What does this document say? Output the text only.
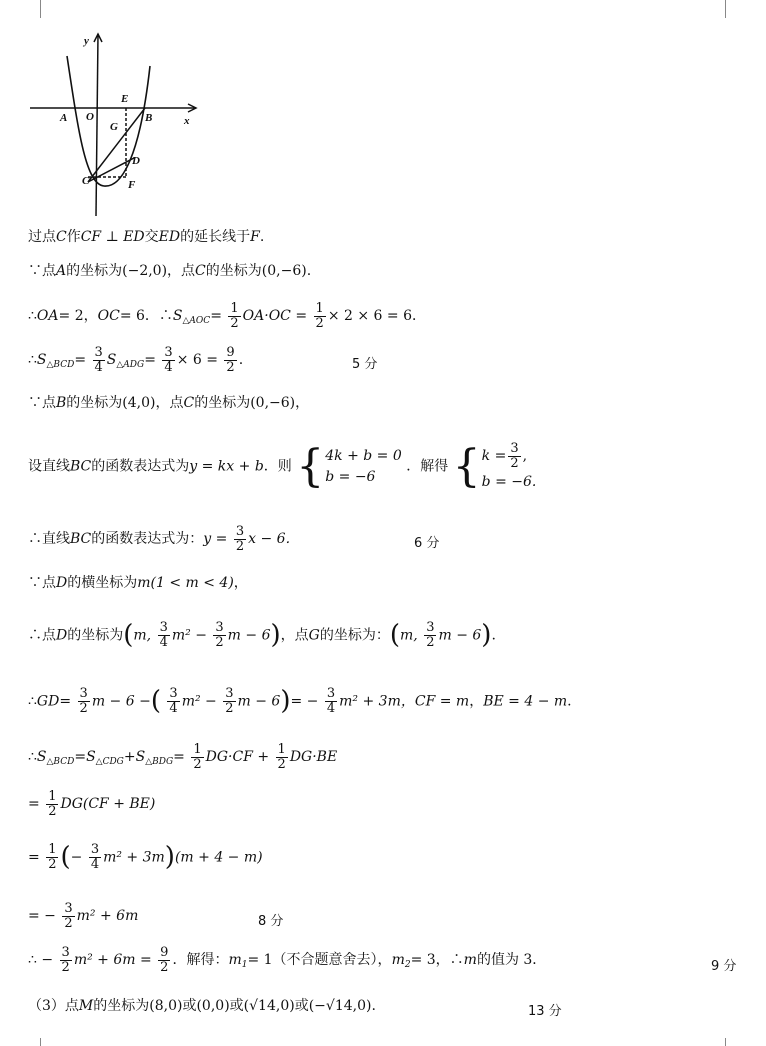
y
x
A O
E
B
G
D
C	F
过点C作CF ⊥ ED交ED的延长线于F.
∵点A的坐标为(−2,0)，点C的坐标为(0,−6).
∴OA= 2，OC= 6．$\therefore S_{\triangle AOC}= \frac{1}{2} OA\cdot OC = \frac{1}{2} \times 2 \times 6 = 6$．
$\therefore S_{\triangle BCD}= \frac{3}{4} S_{\triangle ADG}= \frac{3}{4} \times 6 = \frac{9}{2}$ .	5 分
∵点B的坐标为(4,0)，点C的坐标为(0,−6)，
设直线BC的函数表达式为y = kx + b．则 { 4k + b = 0
b = −6
．解得 { $k = \frac{3}{2}$ ,
b = −6.
∴直线BC的函数表达式为：$y = \frac{3}{2}$ x − 6．	6 分
∵点D的横坐标为m(1 < m < 4)，
∴点D的坐标为(m, $\frac{3}{4} m^2 - \frac{3}{2}$ m − 6)，点G的坐标为：(m, $\frac{3}{2}$ m − 6).
∴GD= $\frac{3}{2}$ m − 6 −( $\frac{3}{4} m^2 - \frac{3}{2}$ $m - 6)= - \frac{3}{4} m^2 + 3m$，CF = m，BE = 4 − m.
$\therefore S_{\triangle BCD}=S_{\triangle CDG}+S_{\triangle BDG}= \frac{1}{2} DG\cdot CF + \frac{1}{2} DG\cdot BE$
= $\frac{1}{2} DG(CF + BE)$
= $\frac{1}{2}$ (− $\frac{3}{4} m^2 + 3m)(m + 4 - m)$
= − $\frac{3}{2} m^2 + 6m$	8 分
∴ − $\frac{3}{2} m^2 + 6m = \frac{9}{2}$ ．解得：$m_1= 1$（不合题意舍去），$m_2= 3$，∴m的值为 3．	9 分
（3）点M的坐标为(8,0)或(0,0)或(√14,0)或(−√14,0).	13 分
